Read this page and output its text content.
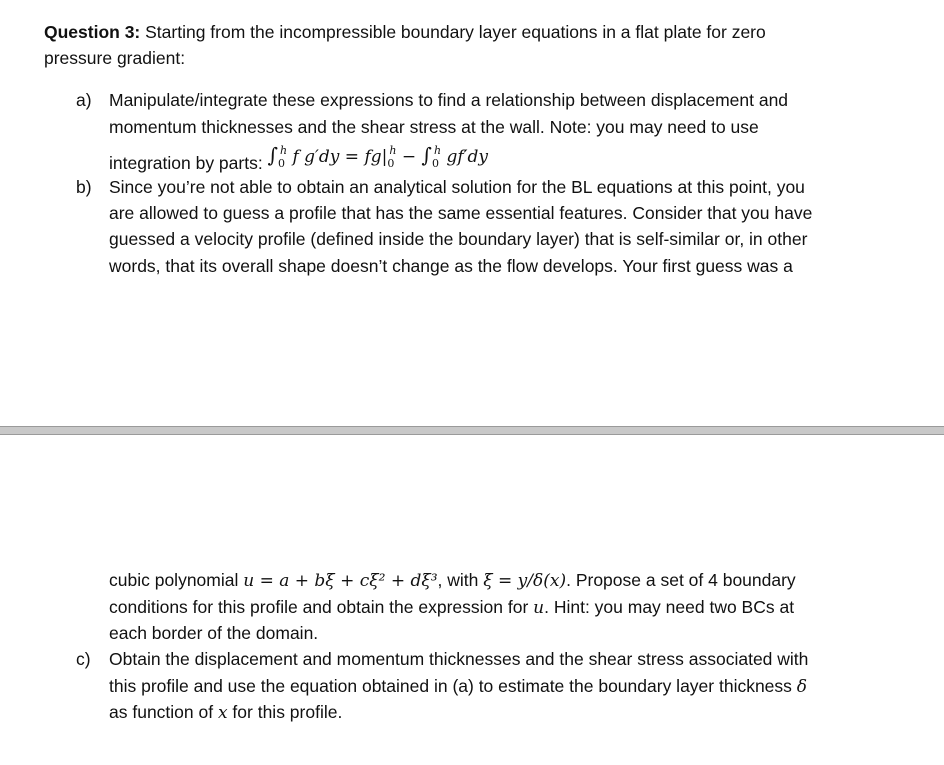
Question 3: Starting from the incompressible boundary layer equations in a flat plate for zero
pressure gradient:
a) Manipulate/integrate these expressions to find a relationship between displacement and
momentum thicknesses and the shear stress at the wall. Note: you may need to use
integration by parts: $\int_0^h$ f $g'dy = fg|_0^h - \int_0^h$ gf′dy
b) Since you’re not able to obtain an analytical solution for the BL equations at this point, you
are allowed to guess a profile that has the same essential features. Consider that you have
guessed a velocity profile (defined inside the boundary layer) that is self-similar or, in other
words, that its overall shape doesn’t change as the flow develops. Your first guess was a
cubic polynomial u = a + bξ + cξ² + dξ³, with ξ = y/δ(x). Propose a set of 4 boundary
conditions for this profile and obtain the expression for u. Hint: you may need two BCs at
each border of the domain.
c) Obtain the displacement and momentum thicknesses and the shear stress associated with
this profile and use the equation obtained in (a) to estimate the boundary layer thickness δ
as function of x for this profile.
